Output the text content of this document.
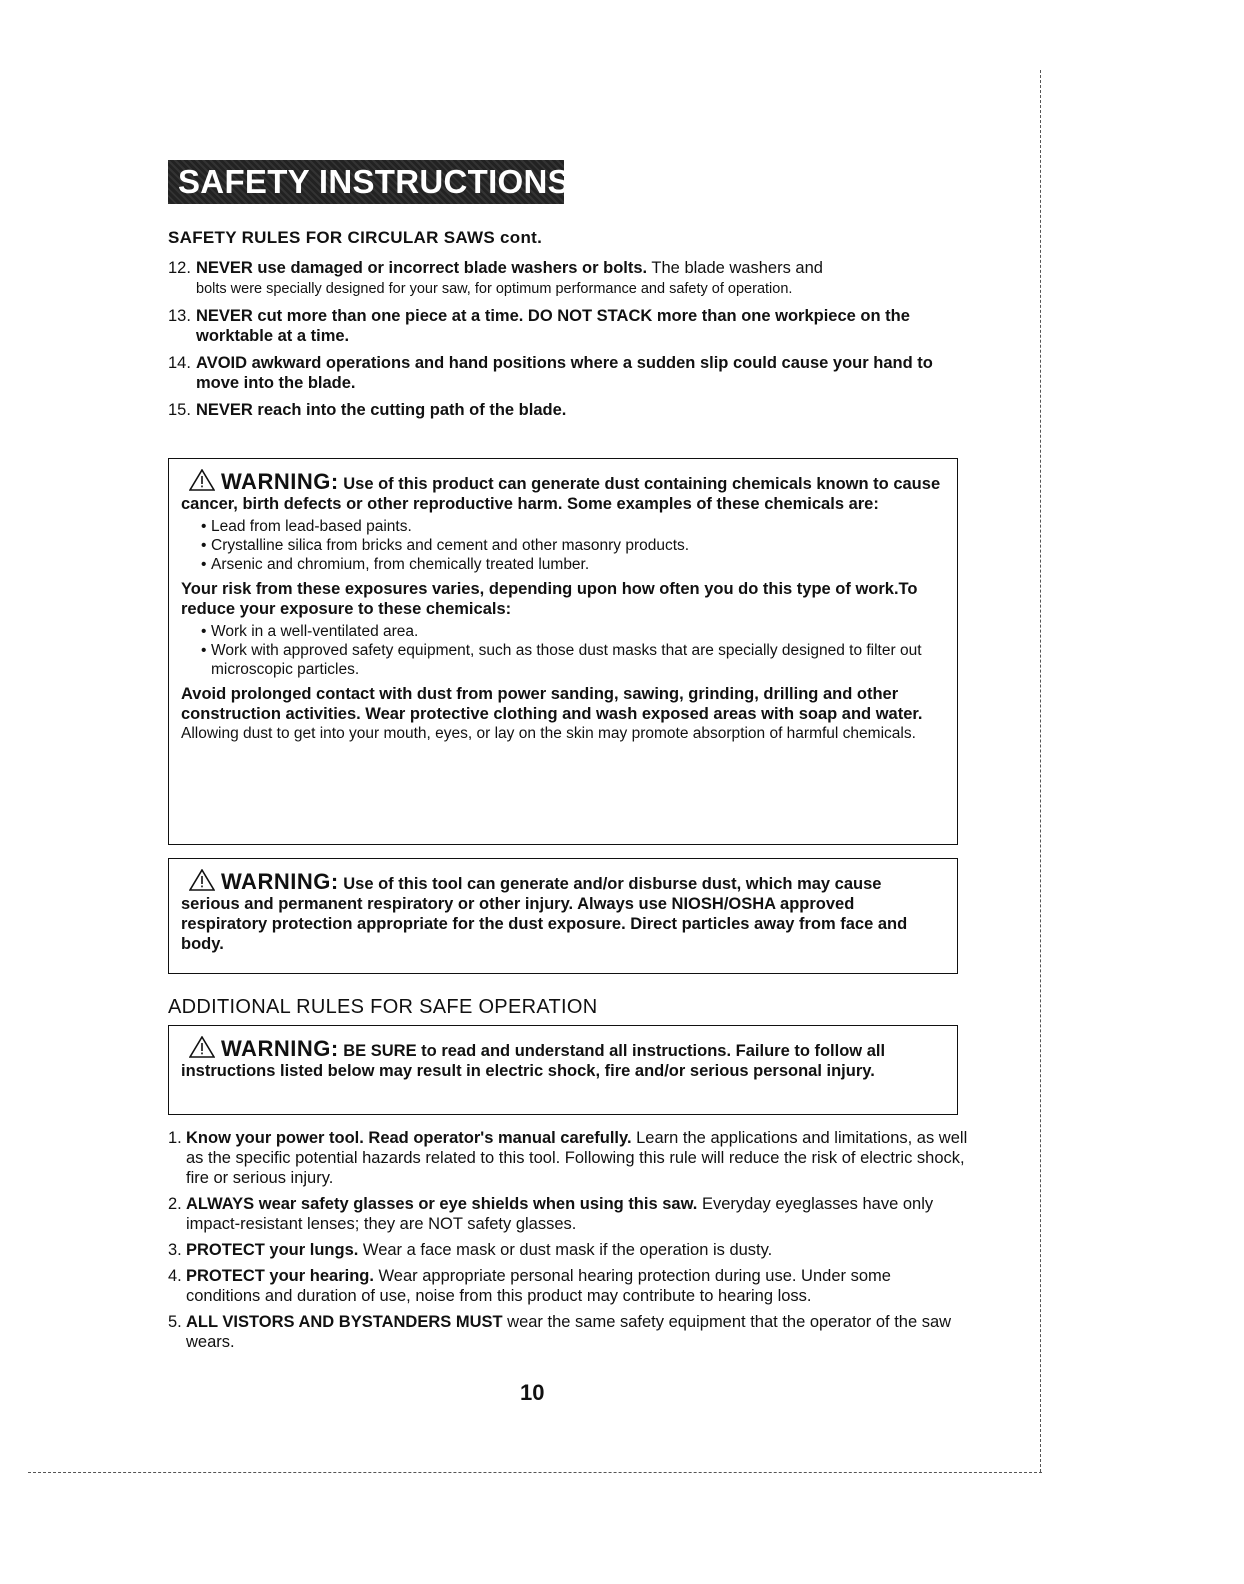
SAFETY INSTRUCTIONS cont.
SAFETY RULES FOR CIRCULAR SAWS cont.
12. NEVER use damaged or incorrect blade washers or bolts. The blade washers and
bolts were specially designed for your saw, for optimum performance and safety of operation.
13. NEVER cut more than one piece at a time. DO NOT STACK more than one workpiece on the worktable at a time.
14. AVOID awkward operations and hand positions where a sudden slip could cause your hand to move into the blade.
15. NEVER reach into the cutting path of the blade.
WARNING: Use of this product can generate dust containing chemicals known to cause cancer, birth defects or other reproductive harm. Some examples of these chemicals are:
• Lead from lead-based paints.
• Crystalline silica from bricks and cement and other masonry products.
• Arsenic and chromium, from chemically treated lumber.
Your risk from these exposures varies, depending upon how often you do this type of work.To reduce your exposure to these chemicals:
• Work in a well-ventilated area.
• Work with approved safety equipment, such as those dust masks that are specially designed to filter out microscopic particles.
Avoid prolonged contact with dust from power sanding, sawing, grinding, drilling and other construction activities. Wear protective clothing and wash exposed areas with soap and water.
Allowing dust to get into your mouth, eyes, or lay on the skin may promote absorption of harmful chemicals.
WARNING: Use of this tool can generate and/or disburse dust, which may cause serious and permanent respiratory or other injury. Always use NIOSH/OSHA approved respiratory protection appropriate for the dust exposure. Direct particles away from face and body.
ADDITIONAL RULES FOR SAFE OPERATION
WARNING: BE SURE to read and understand all instructions. Failure to follow all instructions listed below may result in electric shock, fire and/or serious personal injury.
1. Know your power tool. Read operator's manual carefully. Learn the applications and limitations, as well as the specific potential hazards related to this tool. Following this rule will reduce the risk of electric shock, fire or serious injury.
2. ALWAYS wear safety glasses or eye shields when using this saw. Everyday eyeglasses have only impact-resistant lenses; they are NOT safety glasses.
3. PROTECT your lungs. Wear a face mask or dust mask if the operation is dusty.
4. PROTECT your hearing. Wear appropriate personal hearing protection during use. Under some conditions and duration of use, noise from this product may contribute to hearing loss.
5. ALL VISTORS AND BYSTANDERS MUST wear the same safety equipment that the operator of the saw wears.
10
